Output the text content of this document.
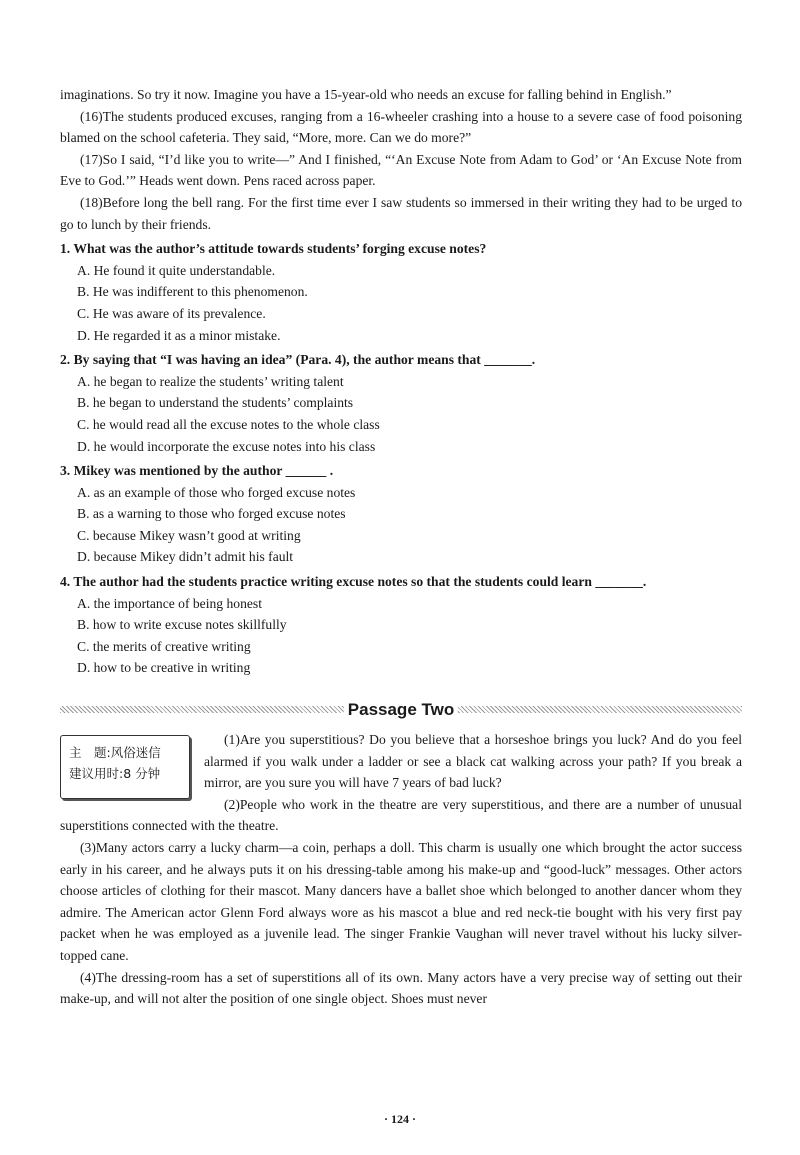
imaginations. So try it now. Imagine you have a 15-year-old who needs an excuse for falling behind in English.”

(16)The students produced excuses, ranging from a 16-wheeler crashing into a house to a severe case of food poisoning blamed on the school cafeteria. They said, “More, more. Can we do more?”

(17)So I said, “I’d like you to write—” And I finished, “‘An Excuse Note from Adam to God’ or ‘An Excuse Note from Eve to God.’” Heads went down. Pens raced across paper.

(18)Before long the bell rang. For the first time ever I saw students so immersed in their writing they had to be urged to go to lunch by their friends.

1. What was the author’s attitude towards students’ forging excuse notes?

A. He found it quite understandable.

B. He was indifferent to this phenomenon.

C. He was aware of its prevalence.

D. He regarded it as a minor mistake.

2. By saying that “I was having an idea” (Para. 4), the author means that _______.

A. he began to realize the students’ writing talent

B. he began to understand the students’ complaints

C. he would read all the excuse notes to the whole class

D. he would incorporate the excuse notes into his class

3. Mikey was mentioned by the author ______ .

A. as an example of those who forged excuse notes

B. as a warning to those who forged excuse notes

C. because Mikey wasn’t good at writing

D. because Mikey didn’t admit his fault

4. The author had the students practice writing excuse notes so that the students could learn _______.

A. the importance of being honest

B. how to write excuse notes skillfully

C. the merits of creative writing

D. how to be creative in writing

Passage Two
主　题:风俗迷信
建议用时:8 分钟

(1)Are you superstitious? Do you believe that a horseshoe brings you luck? And do you feel alarmed if you walk under a ladder or see a black cat walking across your path? If you break a mirror, are you sure you will have 7 years of bad luck?

(2)People who work in the theatre are very superstitious, and there are a number of unusual superstitions connected with the theatre.

(3)Many actors carry a lucky charm—a coin, perhaps a doll. This charm is usually one which brought the actor success early in his career, and he always puts it on his dressing-table among his make-up and “good-luck” messages. Other actors choose articles of clothing for their mascot. Many dancers have a ballet shoe which belonged to another dancer whom they admire. The American actor Glenn Ford always wore as his mascot a blue and red neck-tie bought with his very first pay packet when he was employed as a juvenile lead. The singer Frankie Vaughan will never travel without his lucky silver-topped cane.

(4)The dressing-room has a set of superstitions all of its own. Many actors have a very precise way of setting out their make-up, and will not alter the position of one single object. Shoes must never

· 124 ·
